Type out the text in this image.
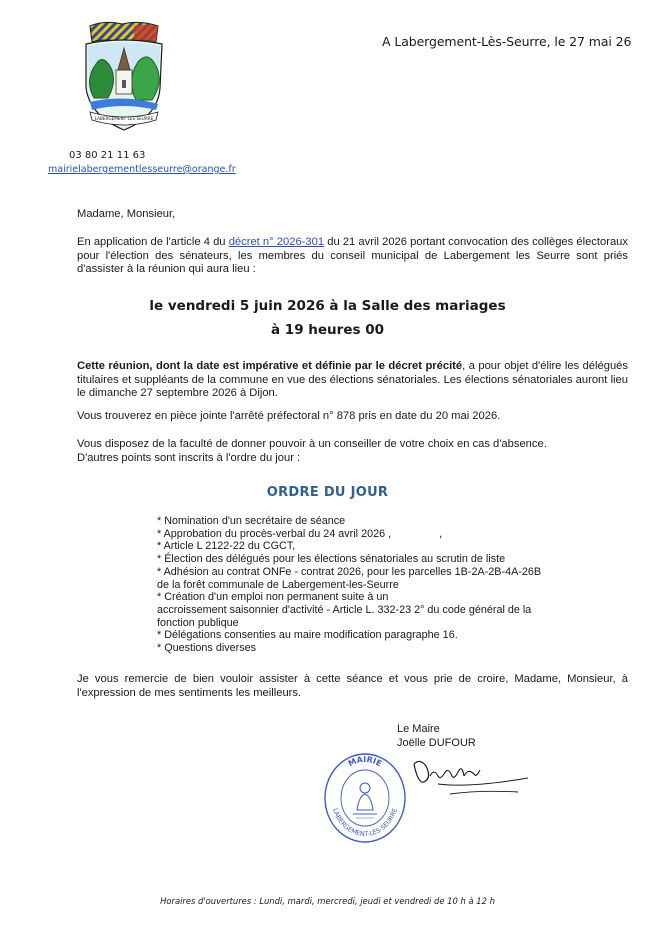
LABERGEMENT LES SEURRE
A Labergement-Lès-Seurre, le 27 mai 26
03 80 21 11 63
mairielabergementlesseurre@orange.fr
Madame, Monsieur,
En application de l'article 4 du décret n° 2026-301 du 21 avril 2026 portant convocation des collèges électoraux pour l'élection des sénateurs, les membres du conseil municipal de Labergement les Seurre sont priés d'assister à la réunion qui aura lieu :
le vendredi 5 juin 2026 à la Salle des mariages
à 19 heures 00
Cette réunion, dont la date est impérative et définie par le décret précité, a pour objet d'élire les délégués titulaires et suppléants de la commune en vue des élections sénatoriales. Les élections sénatoriales auront lieu le dimanche 27 septembre 2026 à Dijon.
Vous trouverez en pièce jointe l'arrêté préfectoral n° 878 pris en date du 20 mai 2026.
Vous disposez de la faculté de donner pouvoir à un conseiller de votre choix en cas d'absence.
D'autres points sont inscrits à l'ordre du jour :
ORDRE DU JOUR
* Nomination d'un secrétaire de séance
* Approbation du procès-verbal du 24 avril 2026 ,                ,
* Article L 2122-22 du CGCT,
* Élection des délégués pour les élections sénatoriales au scrutin de liste
* Adhésion au contrat ONFe - contrat 2026, pour les parcelles 1B-2A-2B-4A-26B
de la forêt communale de Labergement-les-Seurre
* Création d'un emploi non permanent suite à un
accroissement saisonnier d'activité - Article L. 332-23 2° du code général de la
fonction publique
* Délégations consenties au maire modification paragraphe 16.
* Questions diverses
Je vous remercie de bien vouloir assister à cette séance et vous prie de croire, Madame, Monsieur, à l'expression de mes sentiments les meilleurs.
Le Maire
Joëlle DUFOUR
MAIRIE
LABERGEMENT-LÈS-SEURRE
Horaires d'ouvertures : Lundi, mardi, mercredi, jeudi et vendredi de 10 h à 12 h
